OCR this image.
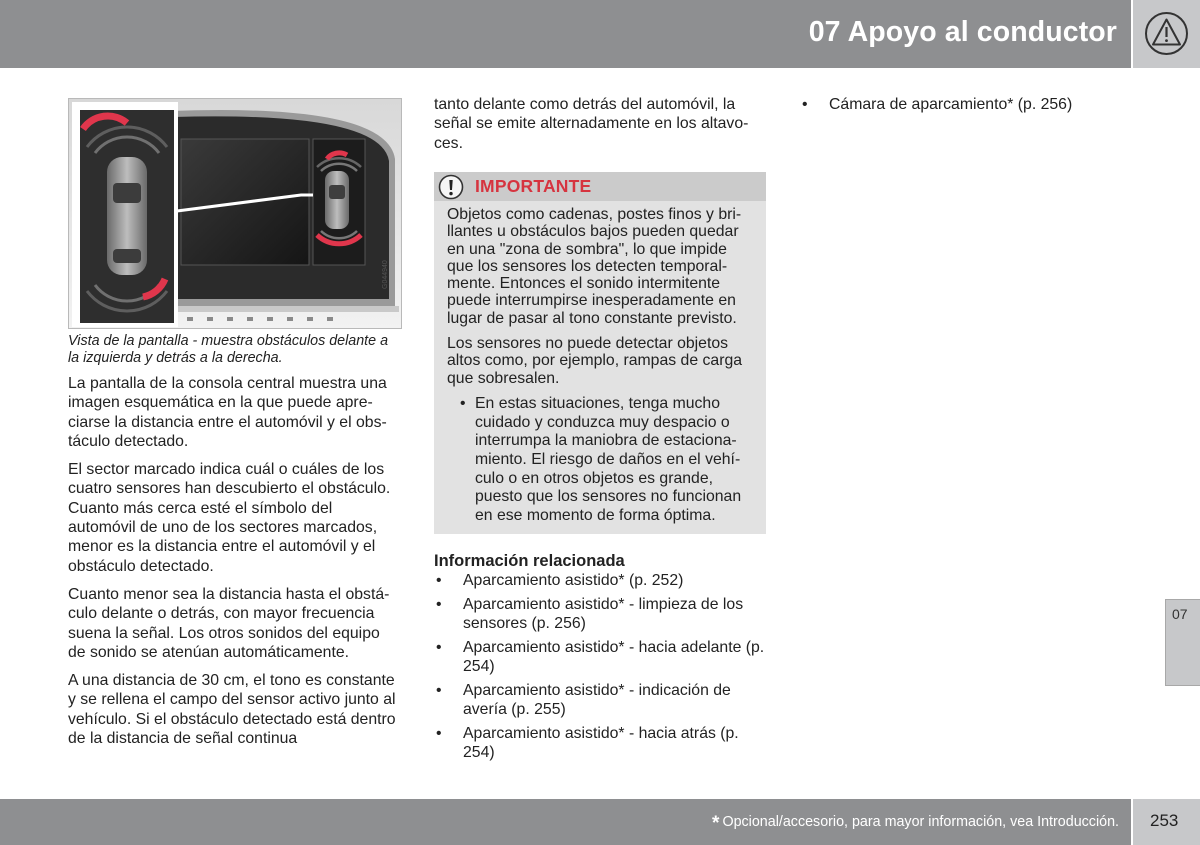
07 Apoyo al conductor
G044940
Vista de la pantalla - muestra obstáculos delante a la izquierda y detrás a la derecha.

La pantalla de la consola central muestra una imagen esquemática en la que puede apreciarse la distancia entre el automóvil y el obstáculo detectado.

El sector marcado indica cuál o cuáles de los cuatro sensores han descubierto el obstáculo. Cuanto más cerca esté el símbolo del automóvil de uno de los sectores marcados, menor es la distancia entre el automóvil y el obstáculo detectado.

Cuanto menor sea la distancia hasta el obstáculo delante o detrás, con mayor frecuencia suena la señal. Los otros sonidos del equipo de sonido se atenúan automáticamente.

A una distancia de 30 cm, el tono es constante y se rellena el campo del sensor activo junto al vehículo. Si el obstáculo detectado está dentro de la distancia de señal continua

tanto delante como detrás del automóvil, la señal se emite alternadamente en los altavoces.

IMPORTANTE

Objetos como cadenas, postes finos y brillantes u obstáculos bajos pueden quedar en una "zona de sombra", lo que impide que los sensores los detecten temporalmente. Entonces el sonido intermitente puede interrumpirse inesperadamente en lugar de pasar al tono constante previsto.

Los sensores no puede detectar objetos altos como, por ejemplo, rampas de carga que sobresalen.

• En estas situaciones, tenga mucho cuidado y conduzca muy despacio o interrumpa la maniobra de estacionamiento. El riesgo de daños en el vehículo o en otros objetos es grande, puesto que los sensores no funcionan en ese momento de forma óptima.
Información relacionada
• Aparcamiento asistido* (p. 252)
• Aparcamiento asistido* - limpieza de los sensores (p. 256)
• Aparcamiento asistido* - hacia adelante (p. 254)
• Aparcamiento asistido* - indicación de avería (p. 255)
• Aparcamiento asistido* - hacia atrás (p. 254)
• Cámara de aparcamiento* (p. 256)
07
* Opcional/accesorio, para mayor información, vea Introducción. 253
